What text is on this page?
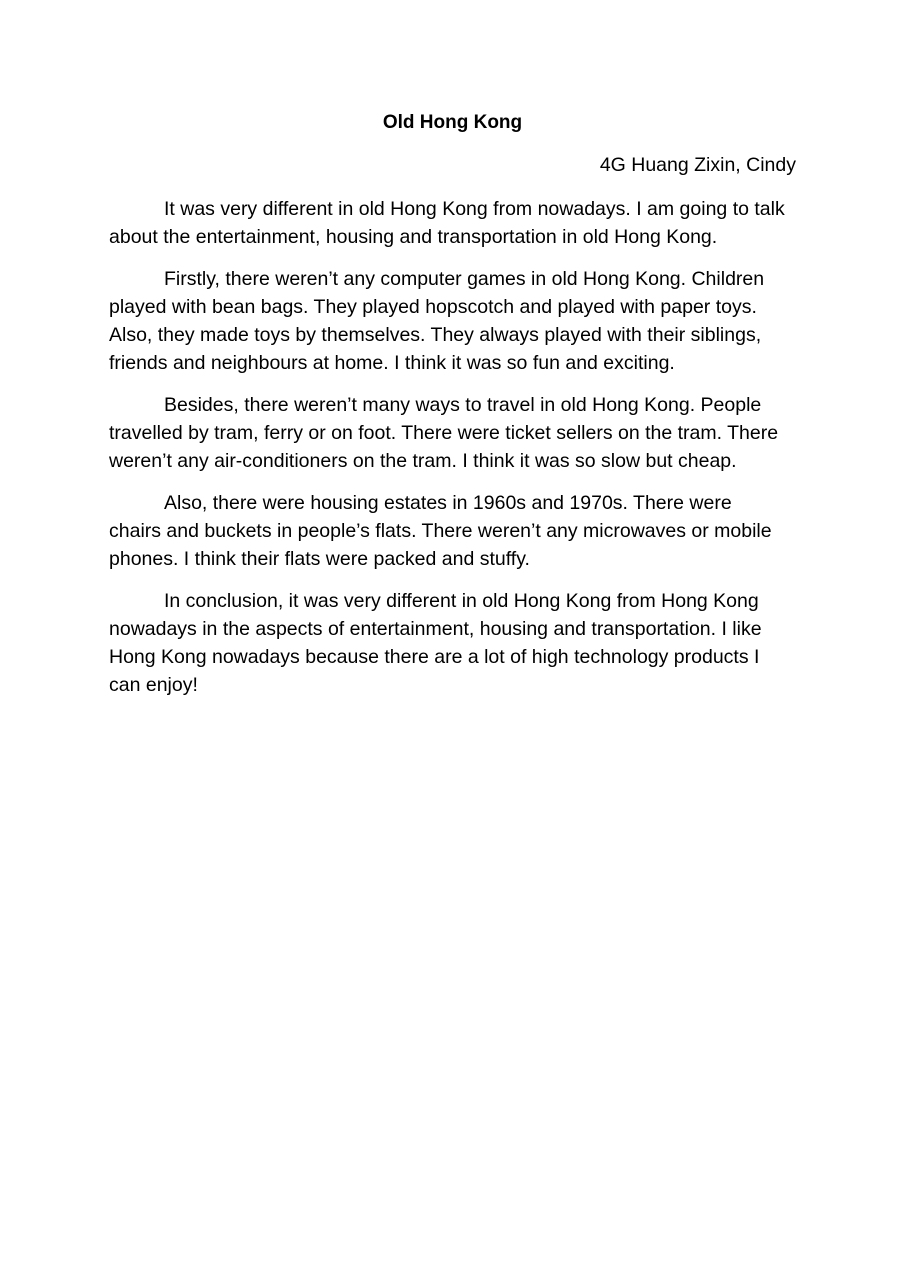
Old Hong Kong
4G Huang Zixin, Cindy

It was very different in old Hong Kong from nowadays. I am going to talk about the entertainment, housing and transportation in old Hong Kong.

Firstly, there weren’t any computer games in old Hong Kong. Children played with bean bags. They played hopscotch and played with paper toys. Also, they made toys by themselves. They always played with their siblings, friends and neighbours at home. I think it was so fun and exciting.

Besides, there weren’t many ways to travel in old Hong Kong. People travelled by tram, ferry or on foot. There were ticket sellers on the tram. There weren’t any air-conditioners on the tram. I think it was so slow but cheap.

Also, there were housing estates in 1960s and 1970s. There were chairs and buckets in people’s flats. There weren’t any microwaves or mobile phones. I think their flats were packed and stuffy.

In conclusion, it was very different in old Hong Kong from Hong Kong nowadays in the aspects of entertainment, housing and transportation. I like Hong Kong nowadays because there are a lot of high technology products I can enjoy!
